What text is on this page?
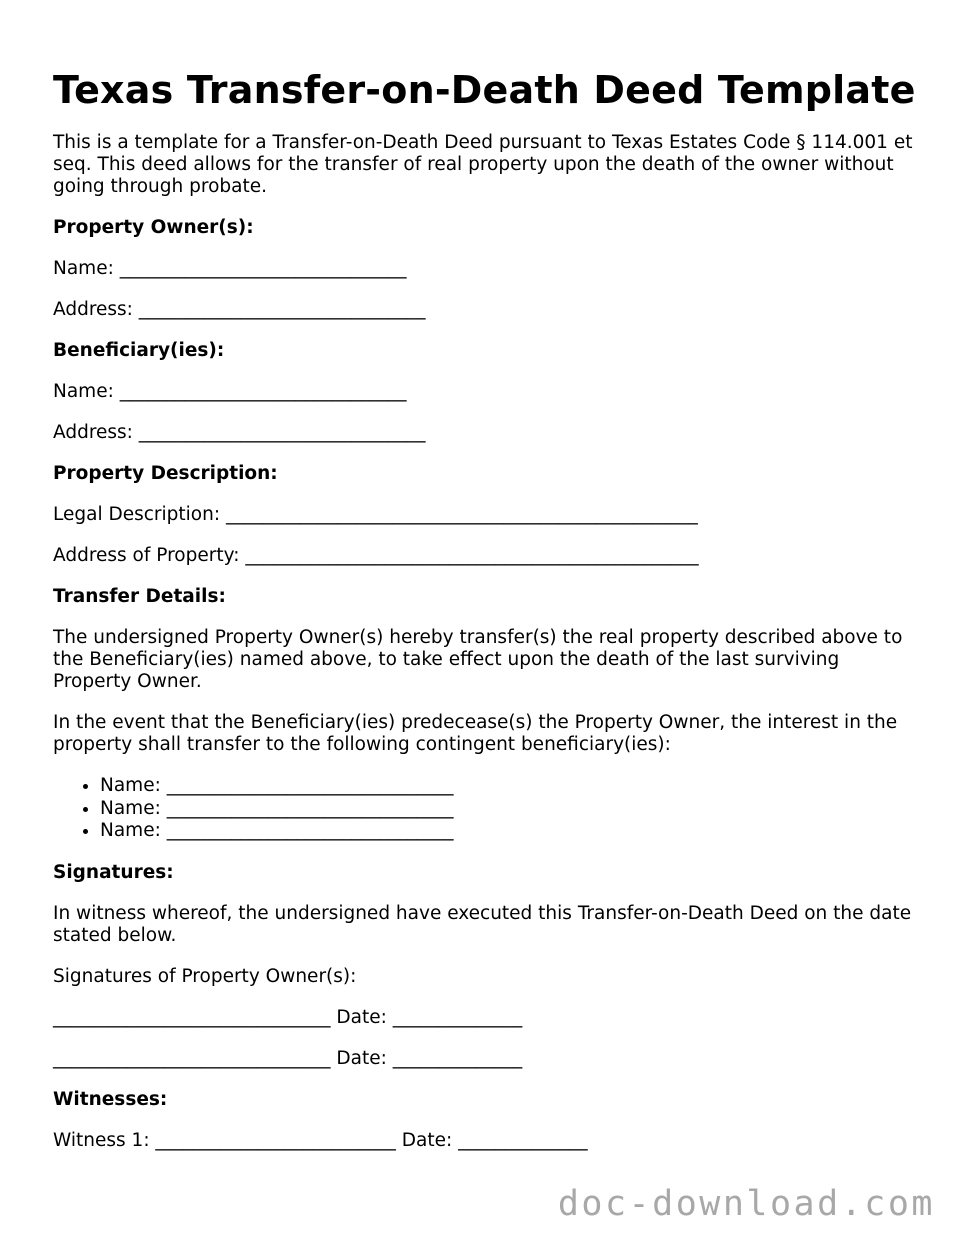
Texas Transfer-on-Death Deed Template

This is a template for a Transfer-on-Death Deed pursuant to Texas Estates Code § 114.001 et seq. This deed allows for the transfer of real property upon the death of the owner without going through probate.

Property Owner(s):

Name: _______________________________

Address: _______________________________

Beneficiary(ies):

Name: _______________________________

Address: _______________________________

Property Description:

Legal Description: ___________________________________________________

Address of Property: _________________________________________________

Transfer Details:

The undersigned Property Owner(s) hereby transfer(s) the real property described above to the Beneficiary(ies) named above, to take effect upon the death of the last surviving Property Owner.

In the event that the Beneficiary(ies) predecease(s) the Property Owner, the interest in the property shall transfer to the following contingent beneficiary(ies):

• Name: _______________________________
• Name: _______________________________
• Name: _______________________________

Signatures:

In witness whereof, the undersigned have executed this Transfer-on-Death Deed on the date stated below.

Signatures of Property Owner(s):

______________________________ Date: ______________

______________________________ Date: ______________

Witnesses:

Witness 1: __________________________ Date: ______________

doc-download.com
